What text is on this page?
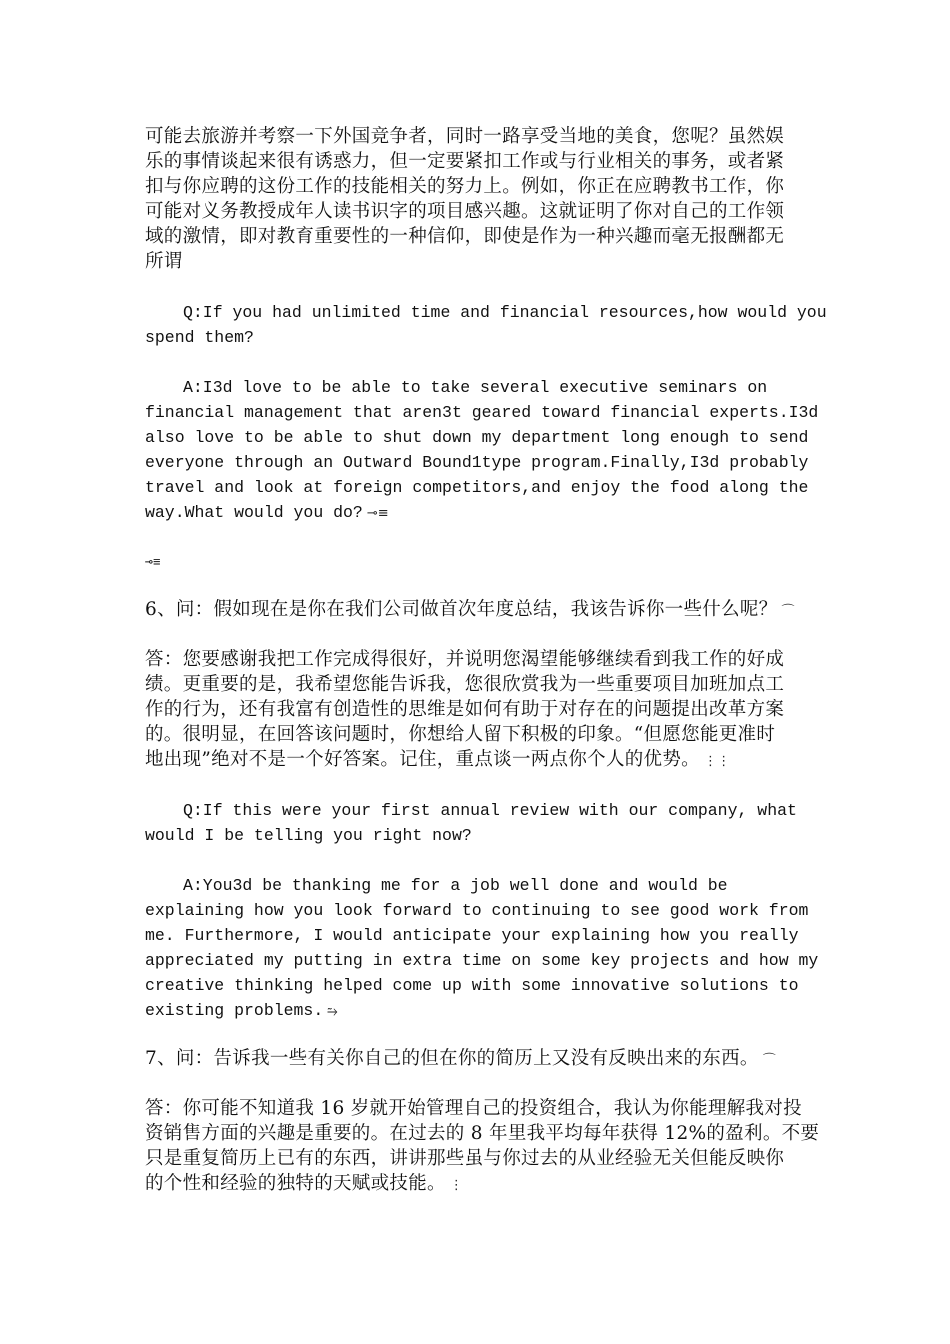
可能去旅游并考察一下外国竞争者，同时一路享受当地的美食，您呢？虽然娱
乐的事情谈起来很有诱惑力，但一定要紧扣工作或与行业相关的事务，或者紧
扣与你应聘的这份工作的技能相关的努力上。例如，你正在应聘教书工作，你
可能对义务教授成年人读书识字的项目感兴趣。这就证明了你对自己的工作领
域的激情，即对教育重要性的一种信仰，即使是作为一种兴趣而毫无报酬都无
所谓
Q:If you had unlimited time and financial resources,how would you
spend them?
A:I3d love to be able to take several executive seminars on
financial management that aren3t geared toward financial experts.I3d
also love to be able to shut down my department long enough to send
everyone through an Outward Bound1type program.Finally,I3d probably
travel and look at foreign competitors,and enjoy the food along the
way.What would you do? ⊸≡
⊸≡
6、问：假如现在是你在我们公司做首次年度总结，我该告诉你一些什么呢？ ⌒
答：您要感谢我把工作完成得很好，并说明您渴望能够继续看到我工作的好成
绩。更重要的是，我希望您能告诉我，您很欣赏我为一些重要项目加班加点工
作的行为，还有我富有创造性的思维是如何有助于对存在的问题提出改革方案
的。很明显，在回答该问题时，你想给人留下积极的印象。“但愿您能更准时
地出现”绝对不是一个好答案。记住，重点谈一两点你个人的优势。 ⋮⋮
Q:If this were your first annual review with our company, what
would I be telling you right now?
A:You3d be thanking me for a job well done and would be
explaining how you look forward to continuing to see good work from
me. Furthermore, I would anticipate your explaining how you really
appreciated my putting in extra time on some key projects and how my
creative thinking helped come up with some innovative solutions to
existing problems. ⥲
7、问：告诉我一些有关你自己的但在你的简历上又没有反映出来的东西。 ⌒
答：你可能不知道我 16 岁就开始管理自己的投资组合，我认为你能理解我对投
资销售方面的兴趣是重要的。在过去的 8 年里我平均每年获得 12%的盈利。不要
只是重复简历上已有的东西，讲讲那些虽与你过去的从业经验无关但能反映你
的个性和经验的独特的天赋或技能。 ⋮
